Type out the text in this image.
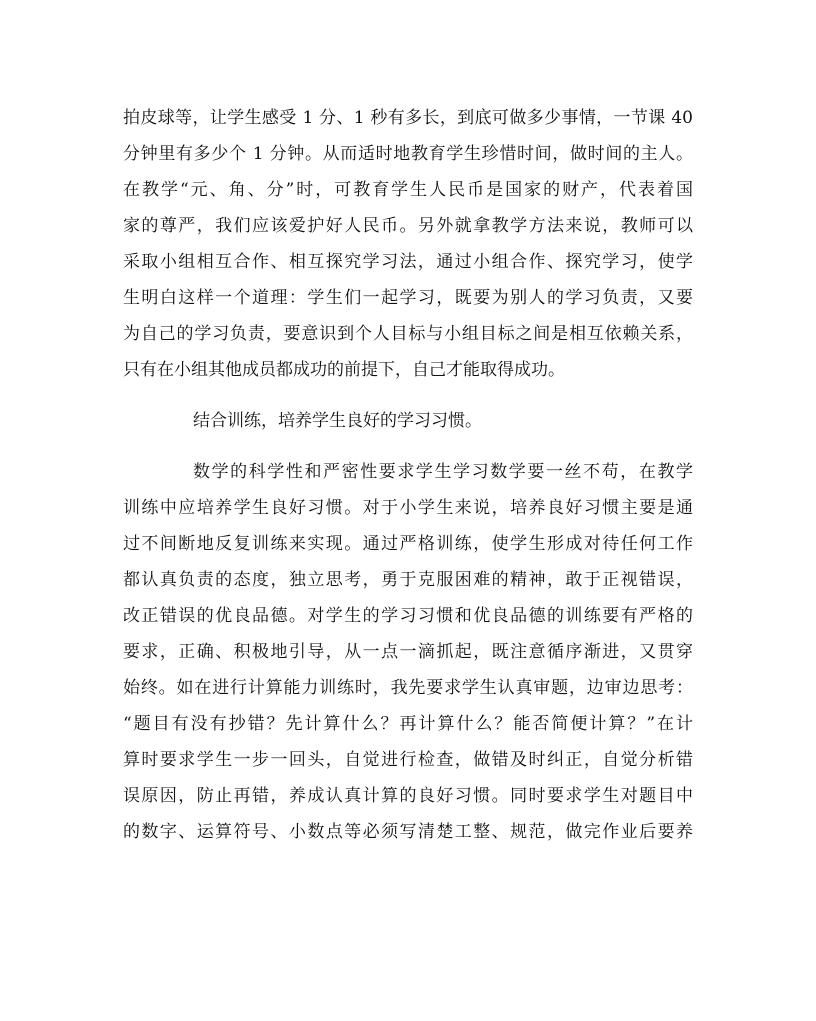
拍皮球等，让学生感受 1 分、1 秒有多长，到底可做多少事情，一节课 40
分钟里有多少个 1 分钟。从而适时地教育学生珍惜时间，做时间的主人。
在教学“元、角、分”时，可教育学生人民币是国家的财产，代表着国
家的尊严，我们应该爱护好人民币。另外就拿教学方法来说，教师可以
采取小组相互合作、相互探究学习法，通过小组合作、探究学习，使学
生明白这样一个道理：学生们一起学习，既要为别人的学习负责，又要
为自己的学习负责，要意识到个人目标与小组目标之间是相互依赖关系，
只有在小组其他成员都成功的前提下，自己才能取得成功。
结合训练，培养学生良好的学习习惯。
数学的科学性和严密性要求学生学习数学要一丝不苟，在教学
训练中应培养学生良好习惯。对于小学生来说，培养良好习惯主要是通
过不间断地反复训练来实现。通过严格训练，使学生形成对待任何工作
都认真负责的态度，独立思考，勇于克服困难的精神，敢于正视错误，
改正错误的优良品德。对学生的学习习惯和优良品德的训练要有严格的
要求，正确、积极地引导，从一点一滴抓起，既注意循序渐进，又贯穿
始终。如在进行计算能力训练时，我先要求学生认真审题，边审边思考：
“题目有没有抄错？先计算什么？再计算什么？能否简便计算？”在计
算时要求学生一步一回头，自觉进行检查，做错及时纠正，自觉分析错
误原因，防止再错，养成认真计算的良好习惯。同时要求学生对题目中
的数字、运算符号、小数点等必须写清楚工整、规范，做完作业后要养
